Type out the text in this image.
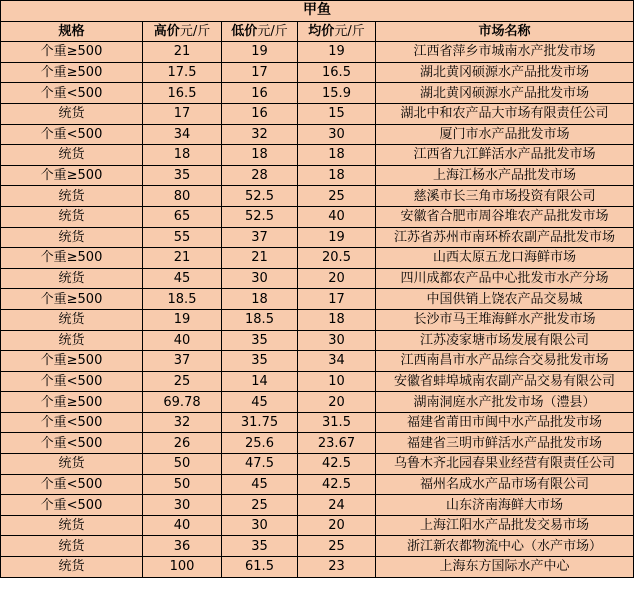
甲鱼				
规格	高价元/斤	低价元/斤	均价元/斤	市场名称
个重≥500	21	19	19	江西省萍乡市城南水产批发市场
个重≥500	17.5	17	16.5	湖北黄冈硕源水产品批发市场
个重<500	16.5	16	15.9	湖北黄冈硕源水产品批发市场
统货	17	16	15	湖北中和农产品大市场有限责任公司
个重<500	34	32	30	厦门市水产品批发市场
统货	18	18	18	江西省九江鲜活水产品批发市场
个重≥500	35	28	18	上海江杨水产品批发市场
统货	80	52.5	25	慈溪市长三角市场投资有限公司
统货	65	52.5	40	安徽省合肥市周谷堆农产品批发市场
统货	55	37	19	江苏省苏州市南环桥农副产品批发市场
个重≥500	21	21	20.5	山西太原五龙口海鲜市场
统货	45	30	20	四川成都农产品中心批发市水产分场
个重≥500	18.5	18	17	中国供销上饶农产品交易城
统货	19	18.5	18	长沙市马王堆海鲜水产批发市场
统货	40	35	30	江苏凌家塘市场发展有限公司
个重≥500	37	35	34	江西南昌市水产品综合交易批发市场
个重<500	25	14	10	安徽省蚌埠城南农副产品交易有限公司
个重≥500	69.78	45	20	湖南洞庭水产批发市场（澧县）
个重<500	32	31.75	31.5	福建省莆田市闽中水产品批发市场
个重<500	26	25.6	23.67	福建省三明市鲜活水产品批发市场
统货	50	47.5	42.5	乌鲁木齐北园春果业经营有限责任公司
个重<500	50	45	42.5	福州名成水产品市场有限公司
个重<500	30	25	24	山东济南海鲜大市场
统货	40	30	20	上海江阳水产品批发交易市场
统货	36	35	25	浙江新农都物流中心（水产市场）
统货	100	61.5	23	上海东方国际水产中心
